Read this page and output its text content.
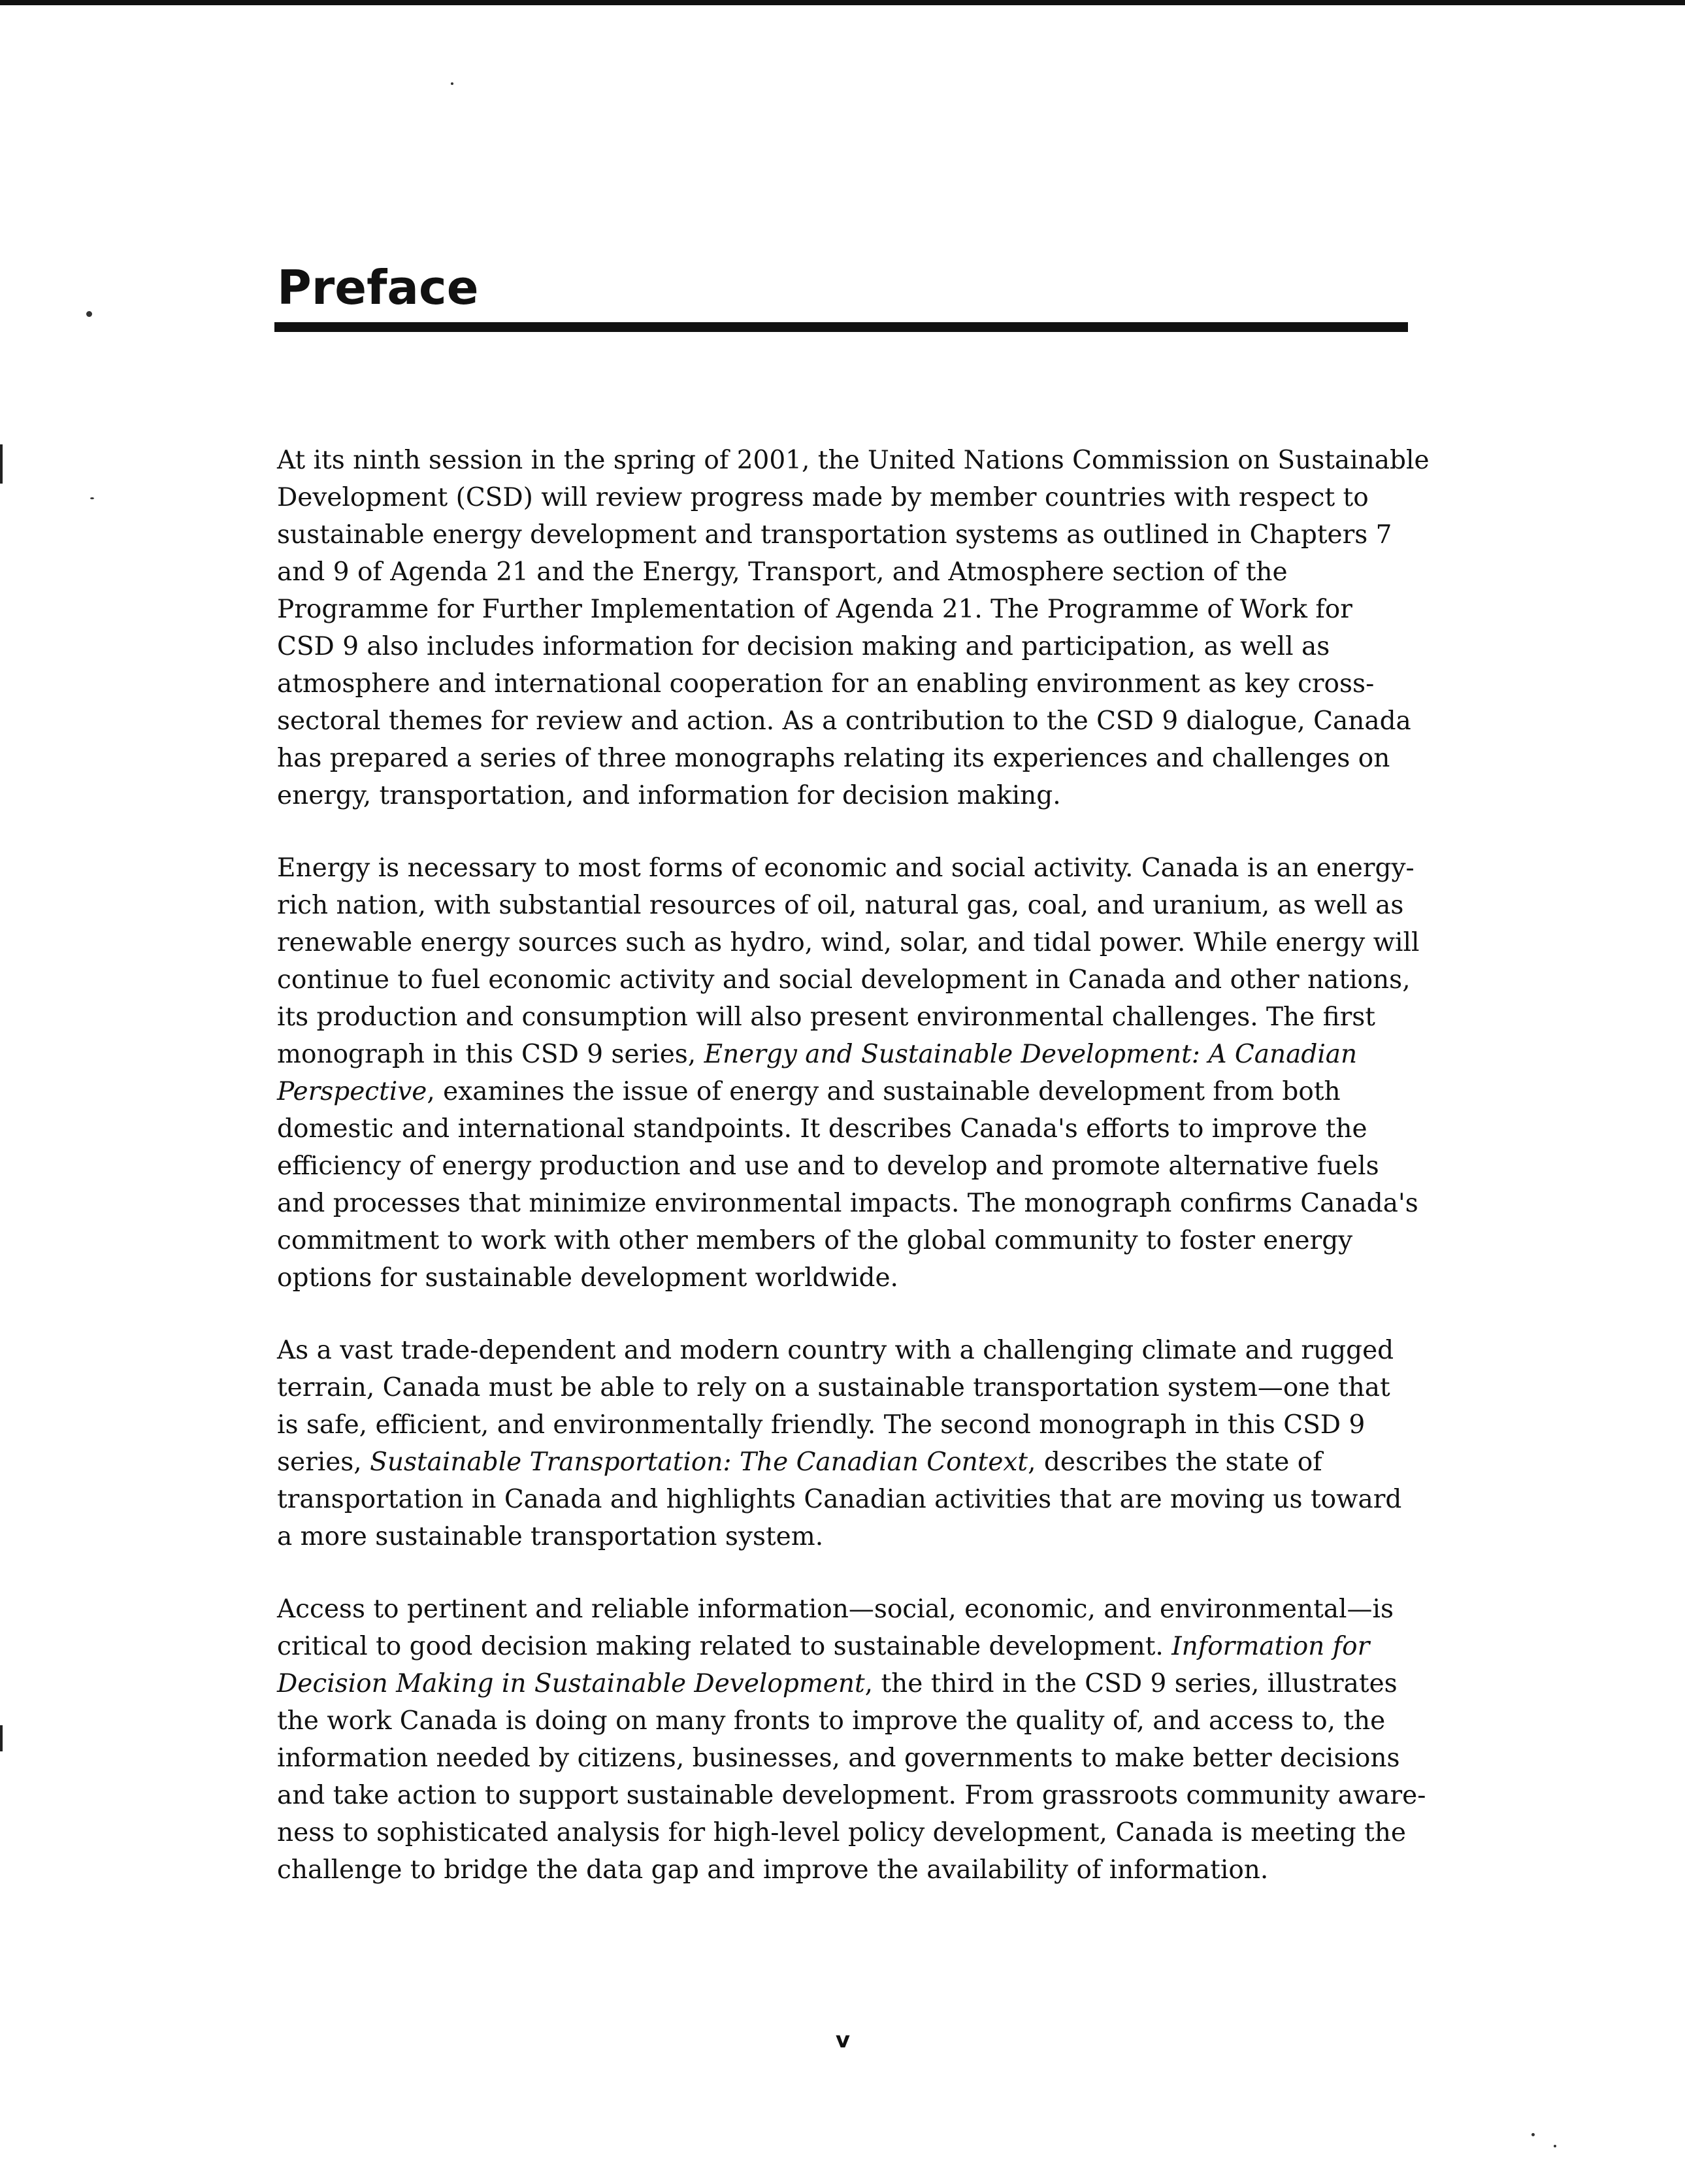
Preface

At its ninth session in the spring of 2001, the United Nations Commission on Sustainable
Development (CSD) will review progress made by member countries with respect to
sustainable energy development and transportation systems as outlined in Chapters 7
and 9 of Agenda 21 and the Energy, Transport, and Atmosphere section of the
Programme for Further Implementation of Agenda 21. The Programme of Work for
CSD 9 also includes information for decision making and participation, as well as
atmosphere and international cooperation for an enabling environment as key cross-
sectoral themes for review and action. As a contribution to the CSD 9 dialogue, Canada
has prepared a series of three monographs relating its experiences and challenges on
energy, transportation, and information for decision making.

Energy is necessary to most forms of economic and social activity. Canada is an energy-
rich nation, with substantial resources of oil, natural gas, coal, and uranium, as well as
renewable energy sources such as hydro, wind, solar, and tidal power. While energy will
continue to fuel economic activity and social development in Canada and other nations,
its production and consumption will also present environmental challenges. The first
monograph in this CSD 9 series, Energy and Sustainable Development: A Canadian
Perspective, examines the issue of energy and sustainable development from both
domestic and international standpoints. It describes Canada's efforts to improve the
efficiency of energy production and use and to develop and promote alternative fuels
and processes that minimize environmental impacts. The monograph confirms Canada's
commitment to work with other members of the global community to foster energy
options for sustainable development worldwide.

As a vast trade-dependent and modern country with a challenging climate and rugged
terrain, Canada must be able to rely on a sustainable transportation system—one that
is safe, efficient, and environmentally friendly. The second monograph in this CSD 9
series, Sustainable Transportation: The Canadian Context, describes the state of
transportation in Canada and highlights Canadian activities that are moving us toward
a more sustainable transportation system.

Access to pertinent and reliable information—social, economic, and environmental—is
critical to good decision making related to sustainable development. Information for
Decision Making in Sustainable Development, the third in the CSD 9 series, illustrates
the work Canada is doing on many fronts to improve the quality of, and access to, the
information needed by citizens, businesses, and governments to make better decisions
and take action to support sustainable development. From grassroots community aware-
ness to sophisticated analysis for high-level policy development, Canada is meeting the
challenge to bridge the data gap and improve the availability of information.

v
